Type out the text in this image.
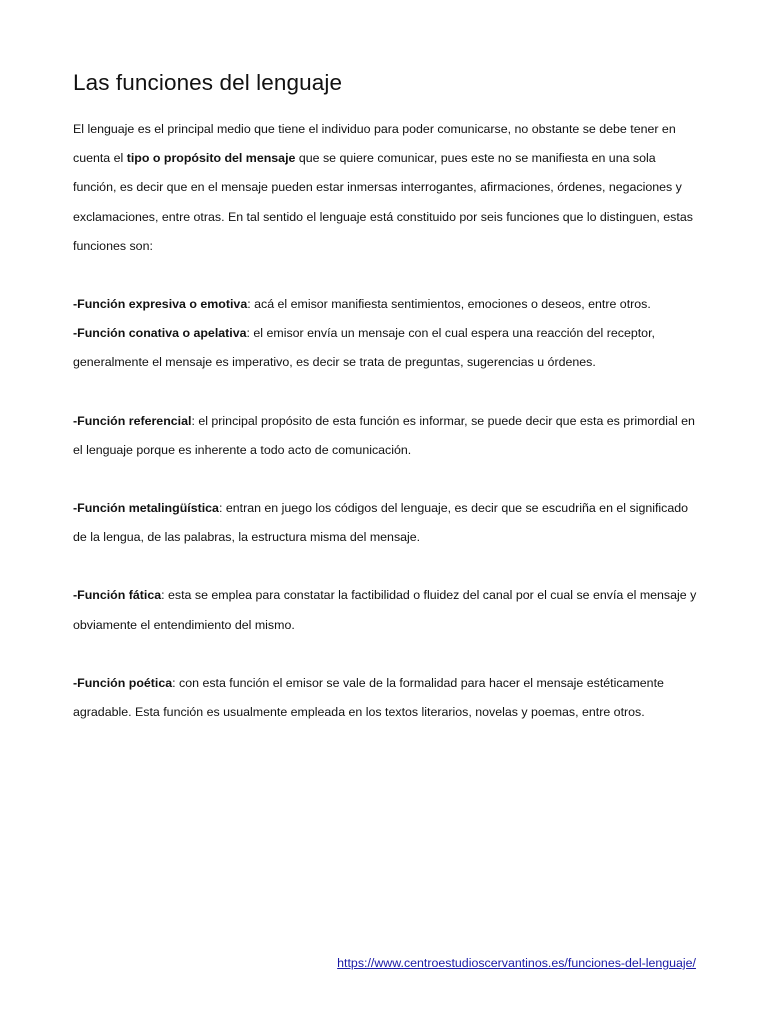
Las funciones del lenguaje

El lenguaje es el principal medio que tiene el individuo para poder comunicarse, no obstante se debe tener en cuenta el tipo o propósito del mensaje que se quiere comunicar, pues este no se manifiesta en una sola función, es decir que en el mensaje pueden estar inmersas interrogantes, afirmaciones, órdenes, negaciones y exclamaciones, entre otras. En tal sentido el lenguaje está constituido por seis funciones que lo distinguen, estas funciones son:

-Función expresiva o emotiva: acá el emisor manifiesta sentimientos, emociones o deseos, entre otros.

-Función conativa o apelativa: el emisor envía un mensaje con el cual espera una reacción del receptor, generalmente el mensaje es imperativo, es decir se trata de preguntas, sugerencias u órdenes.

-Función referencial: el principal propósito de esta función es informar, se puede decir que esta es primordial en el lenguaje porque es inherente a todo acto de comunicación.

-Función metalingüística: entran en juego los códigos del lenguaje, es decir que se escudriña en el significado de la lengua, de las palabras, la estructura misma del mensaje.

-Función fática: esta se emplea para constatar la factibilidad o fluidez del canal por el cual se envía el mensaje y obviamente el entendimiento del mismo.

-Función poética: con esta función el emisor se vale de la formalidad para hacer el mensaje estéticamente agradable. Esta función es usualmente empleada en los textos literarios, novelas y poemas, entre otros.

https://www.centroestudioscervantinos.es/funciones-del-lenguaje/
